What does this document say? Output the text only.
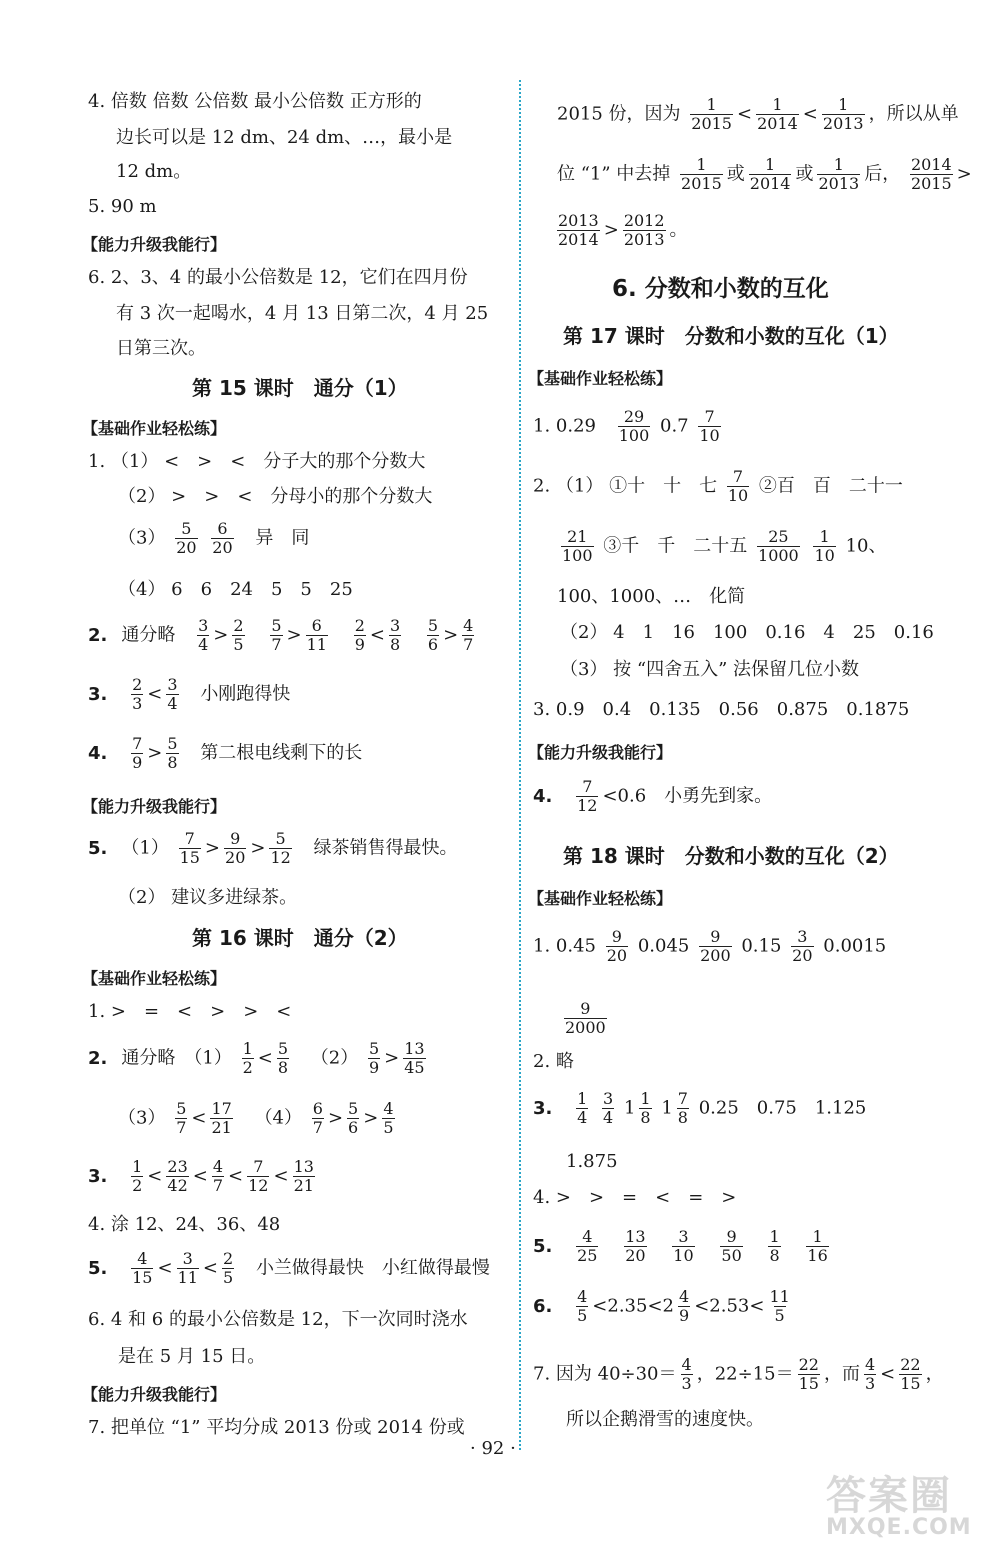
4. 倍数 倍数 公倍数 最小公倍数 正方形的
边长可以是 12 dm、24 dm、…，最小是
12 dm。
5. 90 m
【能力升级我能行】
6. 2、3、4 的最小公倍数是 12，它们在四月份
有 3 次一起喝水，4 月 13 日第二次，4 月 25
日第三次。
第 15 课时　通分（1）
【基础作业轻松练】
1. （1） <　>　<　分子大的那个分数大
（2） >　>　<　分母小的那个分数大
$(3) \frac{5}{20}$
$\frac{6}{20}$ 异　同
（4） 6　6　24　5　5　25
2. 通分略 $\frac{3}{4} > \frac{2}{5}$
$\frac{5}{7} > \frac{6}{11}$
$\frac{2}{9} < \frac{3}{8}$
$\frac{5}{6} > \frac{4}{7}$
3. $\frac{2}{3} < \frac{3}{4}$ 小刚跑得快
4. $\frac{7}{9} > \frac{5}{8}$ 第二根电线剩下的长
【能力升级我能行】
5. $(1) \frac{7}{15} > \frac{9}{20} > \frac{5}{12}$ 绿茶销售得最快。
（2） 建议多进绿茶。
第 16 课时　通分（2）
【基础作业轻松练】
1. >　=　<　>　>　<
2. 通分略　$(1) \frac{1}{2} < \frac{5}{8} (2) \frac{5}{9} > \frac{13}{45}$
$(3) \frac{5}{7} < \frac{17}{21} (4) \frac{6}{7} > \frac{5}{6} > \frac{4}{5}$
3. $\frac{1}{2} < \frac{23}{42} < \frac{4}{7} < \frac{7}{12} < \frac{13}{21}$
4. 涂 12、24、36、48
5. $\frac{4}{15} < \frac{3}{11} < \frac{2}{5}$ 小兰做得最快　小红做得最慢
6. 4 和 6 的最小公倍数是 12，下一次同时浇水
是在 5 月 15 日。
【能力升级我能行】
7. 把单位 “1” 平均分成 2013 份或 2014 份或
2015 份，因为 $\frac{1}{2015} < \frac{1}{2014} < \frac{1}{2013}$ ，所以从单
位 “1” 中去掉 $\frac{1}{2015}$ 或 $\frac{1}{2014}$ 或 $\frac{1}{2013}$ 后， $\frac{2014}{2015}$ >
$\frac{2013}{2014} > \frac{2012}{2013}$ 。
6. 分数和小数的互化
第 17 课时　分数和小数的互化（1）
【基础作业轻松练】
1. $0.29 \frac{29}{100} 0.7 \frac{7}{10}$
2. （1） ①十　十　七 $\frac{7}{10}$ ②百　百　二十一
$\frac{21}{100}$ ③千　千　二十五 $\frac{25}{1000}$
$\frac{1}{10} 10$、
100、1000、…　化简
（2） 4　1　16　100　0.16　4　25　0.16
（3） 按 “四舍五入” 法保留几位小数
3. 0.9　0.4　0.135　0.56　0.875　0.1875
【能力升级我能行】
4. $\frac{7}{12} <0.6$　小勇先到家。
第 18 课时　分数和小数的互化（2）
【基础作业轻松练】
1. $0.45 \frac{9}{20} 0.045 \frac{9}{200} 0.15 \frac{3}{20} 0.0015$
$\frac{9}{2000}$
2. 略
3. $\frac{1}{4}$
$\frac{3}{4} 1 \frac{1}{8} 1 \frac{7}{8} 0.25$　0.75　1.125
1.875
4. >　>　=　<　=　>
5. $\frac{4}{25}$
$\frac{13}{20}$
$\frac{3}{10}$
$\frac{9}{50}$
$\frac{1}{8}$
$\frac{1}{16}$
6. $\frac{4}{5} <2.35<2 \frac{4}{9} <2.53< \frac{11}{5}$
7. 因为 $40\div 30= \frac{4}{3}$ ，$22\div 15= \frac{22}{15}$ ，而 $\frac{4}{3} < \frac{22}{15}$ ，
所以企鹅滑雪的速度快。
· 92 ·
答案圈
MXQE.COM
